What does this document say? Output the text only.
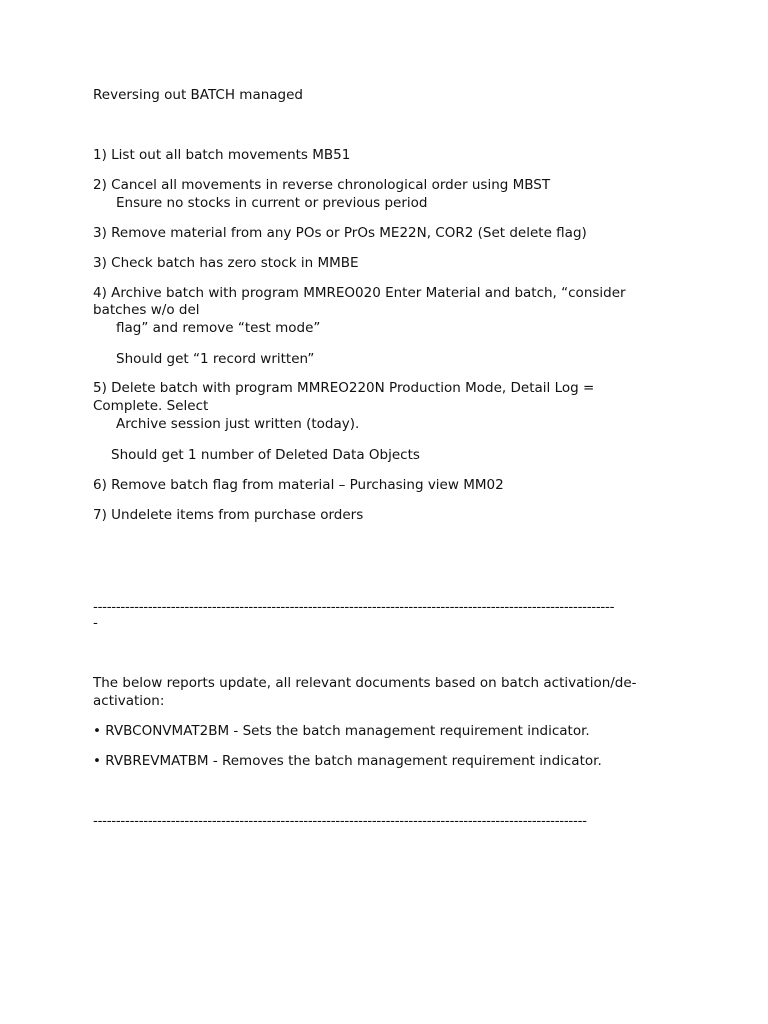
Reversing out BATCH managed
1) List out all batch movements MB51
2) Cancel all movements in reverse chronological order using MBST
Ensure no stocks in current or previous period
3) Remove material from any POs or PrOs ME22N, COR2 (Set delete flag)
3) Check batch has zero stock in MMBE
4) Archive batch with program MMREO020 Enter Material and batch, “consider
batches w/o del
flag” and remove “test mode”
Should get “1 record written”
5) Delete batch with program MMREO220N Production Mode, Detail Log =
Complete. Select
Archive session just written (today).
Should get 1 number of Deleted Data Objects
6) Remove batch flag from material – Purchasing view MM02
7) Undelete items from purchase orders
------------------------------------------------------------------------------------------------------------------
-
The below reports update, all relevant documents based on batch activation/de-
activation:
• RVBCONVMAT2BM - Sets the batch management requirement indicator.
• RVBREVMATBM - Removes the batch management requirement indicator.
------------------------------------------------------------------------------------------------------------
